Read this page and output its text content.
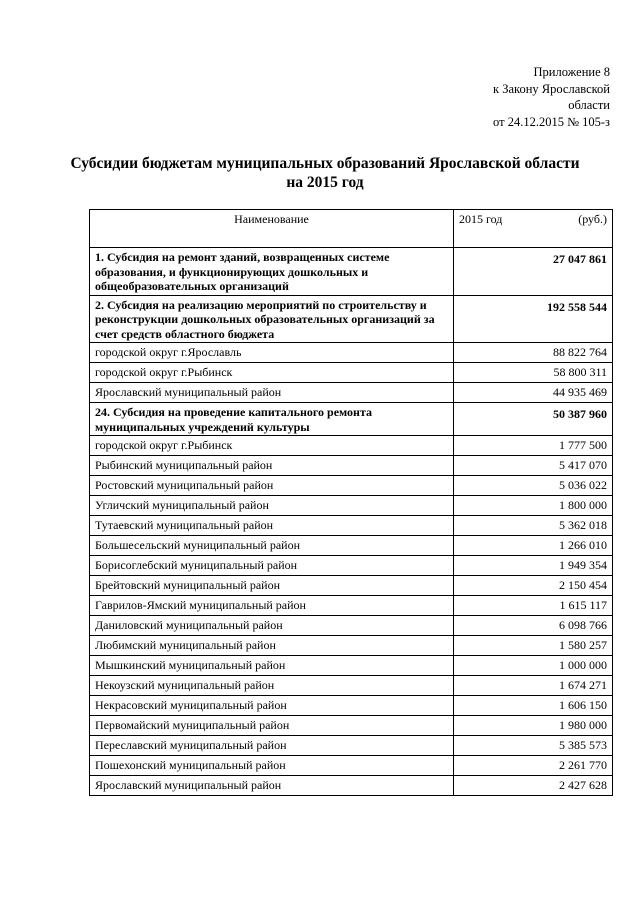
Приложение 8
к Закону Ярославской
области
от 24.12.2015 № 105-з
Субсидии бюджетам муниципальных образований Ярославской области
на 2015 год
Наименование	2015 год (руб.)

1. Субсидия на ремонт зданий, возвращенных системе образования, и функционирующих дошкольных и общеобразовательных организаций	27 047 861
2. Субсидия на реализацию мероприятий по строительству и реконструкции дошкольных образовательных организаций за счет средств областного бюджета	192 558 544
городской округ г.Ярославль	88 822 764
городской округ г.Рыбинск	58 800 311
Ярославский муниципальный район	44 935 469
24. Субсидия на проведение капитального ремонта муниципальных учреждений культуры	50 387 960
городской округ г.Рыбинск	1 777 500
Рыбинский муниципальный район	5 417 070
Ростовский муниципальный район	5 036 022
Угличский муниципальный район	1 800 000
Тутаевский муниципальный район	5 362 018
Большесельский муниципальный район	1 266 010
Борисоглебский муниципальный район	1 949 354
Брейтовский муниципальный район	2 150 454
Гаврилов-Ямский муниципальный район	1 615 117
Даниловский муниципальный район	6 098 766
Любимский муниципальный район	1 580 257
Мышкинский муниципальный район	1 000 000
Некоузский муниципальный район	1 674 271
Некрасовский муниципальный район	1 606 150
Первомайский муниципальный район	1 980 000
Переславский муниципальный район	5 385 573
Пошехонский муниципальный район	2 261 770
Ярославский муниципальный район	2 427 628
